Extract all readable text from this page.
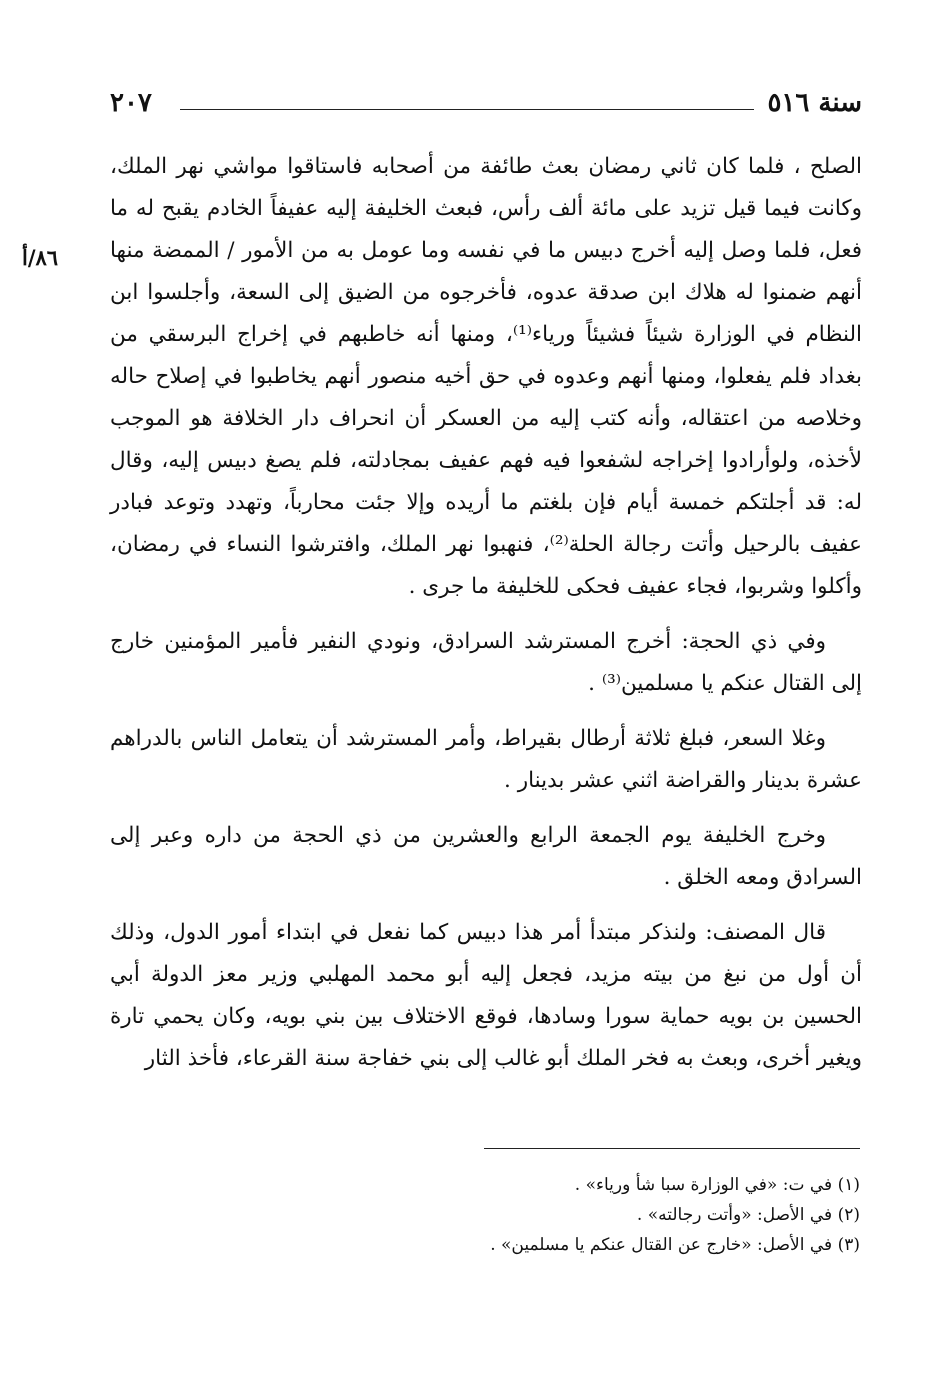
سنة ٥١٦
٢٠٧
٨٦/أ

الصلح ، فلما كان ثاني رمضان بعث طائفة من أصحابه فاستاقوا مواشي نهر الملك، وكانت فيما قيل تزيد على مائة ألف رأس، فبعث الخليفة إليه عفيفاً الخادم يقبح له ما فعل، فلما وصل إليه أخرج دبيس ما في نفسه وما عومل به من الأمور / الممضة منها أنهم ضمنوا له هلاك ابن صدقة عدوه، فأخرجوه من الضيق إلى السعة، وأجلسوا ابن النظام في الوزارة شيئاً فشيئاً ورياء⁽¹⁾، ومنها أنه خاطبهم في إخراج البرسقي من بغداد فلم يفعلوا، ومنها أنهم وعدوه في حق أخيه منصور أنهم يخاطبوا في إصلاح حاله وخلاصه من اعتقاله، وأنه كتب إليه من العسكر أن انحراف دار الخلافة هو الموجب لأخذه، ولوأرادوا إخراجه لشفعوا فيه فهم عفيف بمجادلته، فلم يصغ دبيس إليه، وقال له: قد أجلتكم خمسة أيام فإن بلغتم ما أريده وإلا جئت محارباً، وتهدد وتوعد فبادر عفيف بالرحيل وأتت رجالة الحلة⁽²⁾، فنهبوا نهر الملك، وافترشوا النساء في رمضان، وأكلوا وشربوا، فجاء عفيف فحكى للخليفة ما جرى .

وفي ذي الحجة: أخرج المسترشد السرادق، ونودي النفير فأمير المؤمنين خارج إلى القتال عنكم يا مسلمين⁽³⁾ .

وغلا السعر، فبلغ ثلاثة أرطال بقيراط، وأمر المسترشد أن يتعامل الناس بالدراهم عشرة بدينار والقراضة اثني عشر بدينار .

وخرج الخليفة يوم الجمعة الرابع والعشرين من ذي الحجة من داره وعبر إلى السرادق ومعه الخلق .

قال المصنف: ولنذكر مبتدأ أمر هذا دبيس كما نفعل في ابتداء أمور الدول، وذلك أن أول من نبغ من بيته مزيد، فجعل إليه أبو محمد المهلبي وزير معز الدولة أبي الحسين بن بويه حماية سورا وسادها، فوقع الاختلاف بين بني بويه، وكان يحمي تارة ويغير أخرى، وبعث به فخر الملك أبو غالب إلى بني خفاجة سنة القرعاء، فأخذ الثار

(١) في ت: «في الوزارة سبا شأ ورياء» .

(٢) في الأصل: «وأتت رجالته» .

(٣) في الأصل: «خارج عن القتال عنكم يا مسلمين» .
